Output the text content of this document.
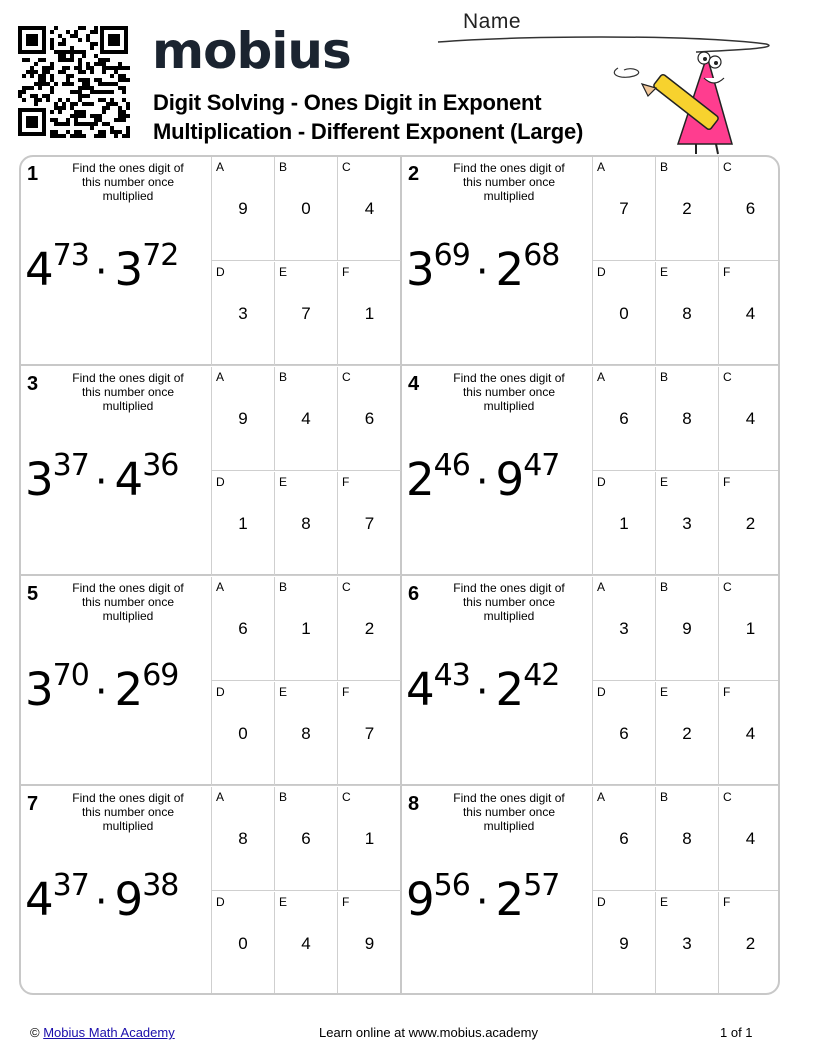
mobius
Digit Solving - Ones Digit in Exponent Multiplication - Different Exponent (Large)
Name
1	Find the ones digit of this number once multiplied
$4^{73} \cdot 3^{72}$
A
9
B
0
C
4
D
3
E
7
F
1
2	Find the ones digit of this number once multiplied
$3^{69} \cdot 2^{68}$
A
7
B
2
C
6
D
0
E
8
F
4
3	Find the ones digit of this number once multiplied
$3^{37} \cdot 4^{36}$
A
9
B
4
C
6
D
1
E
8
F
7
4	Find the ones digit of this number once multiplied
$2^{46} \cdot 9^{47}$
A
6
B
8
C
4
D
1
E
3
F
2
5	Find the ones digit of this number once multiplied
$3^{70} \cdot 2^{69}$
A
6
B
1
C
2
D
0
E
8
F
7
6	Find the ones digit of this number once multiplied
$4^{43} \cdot 2^{42}$
A
3
B
9
C
1
D
6
E
2
F
4
7	Find the ones digit of this number once multiplied
$4^{37} \cdot 9^{38}$
A
8
B
6
C
1
D
0
E
4
F
9
8	Find the ones digit of this number once multiplied
$9^{56} \cdot 2^{57}$
A
6
B
8
C
4
D
9
E
3
F
2
© Mobius Math Academy	Learn online at www.mobius.academy	1 of 1
